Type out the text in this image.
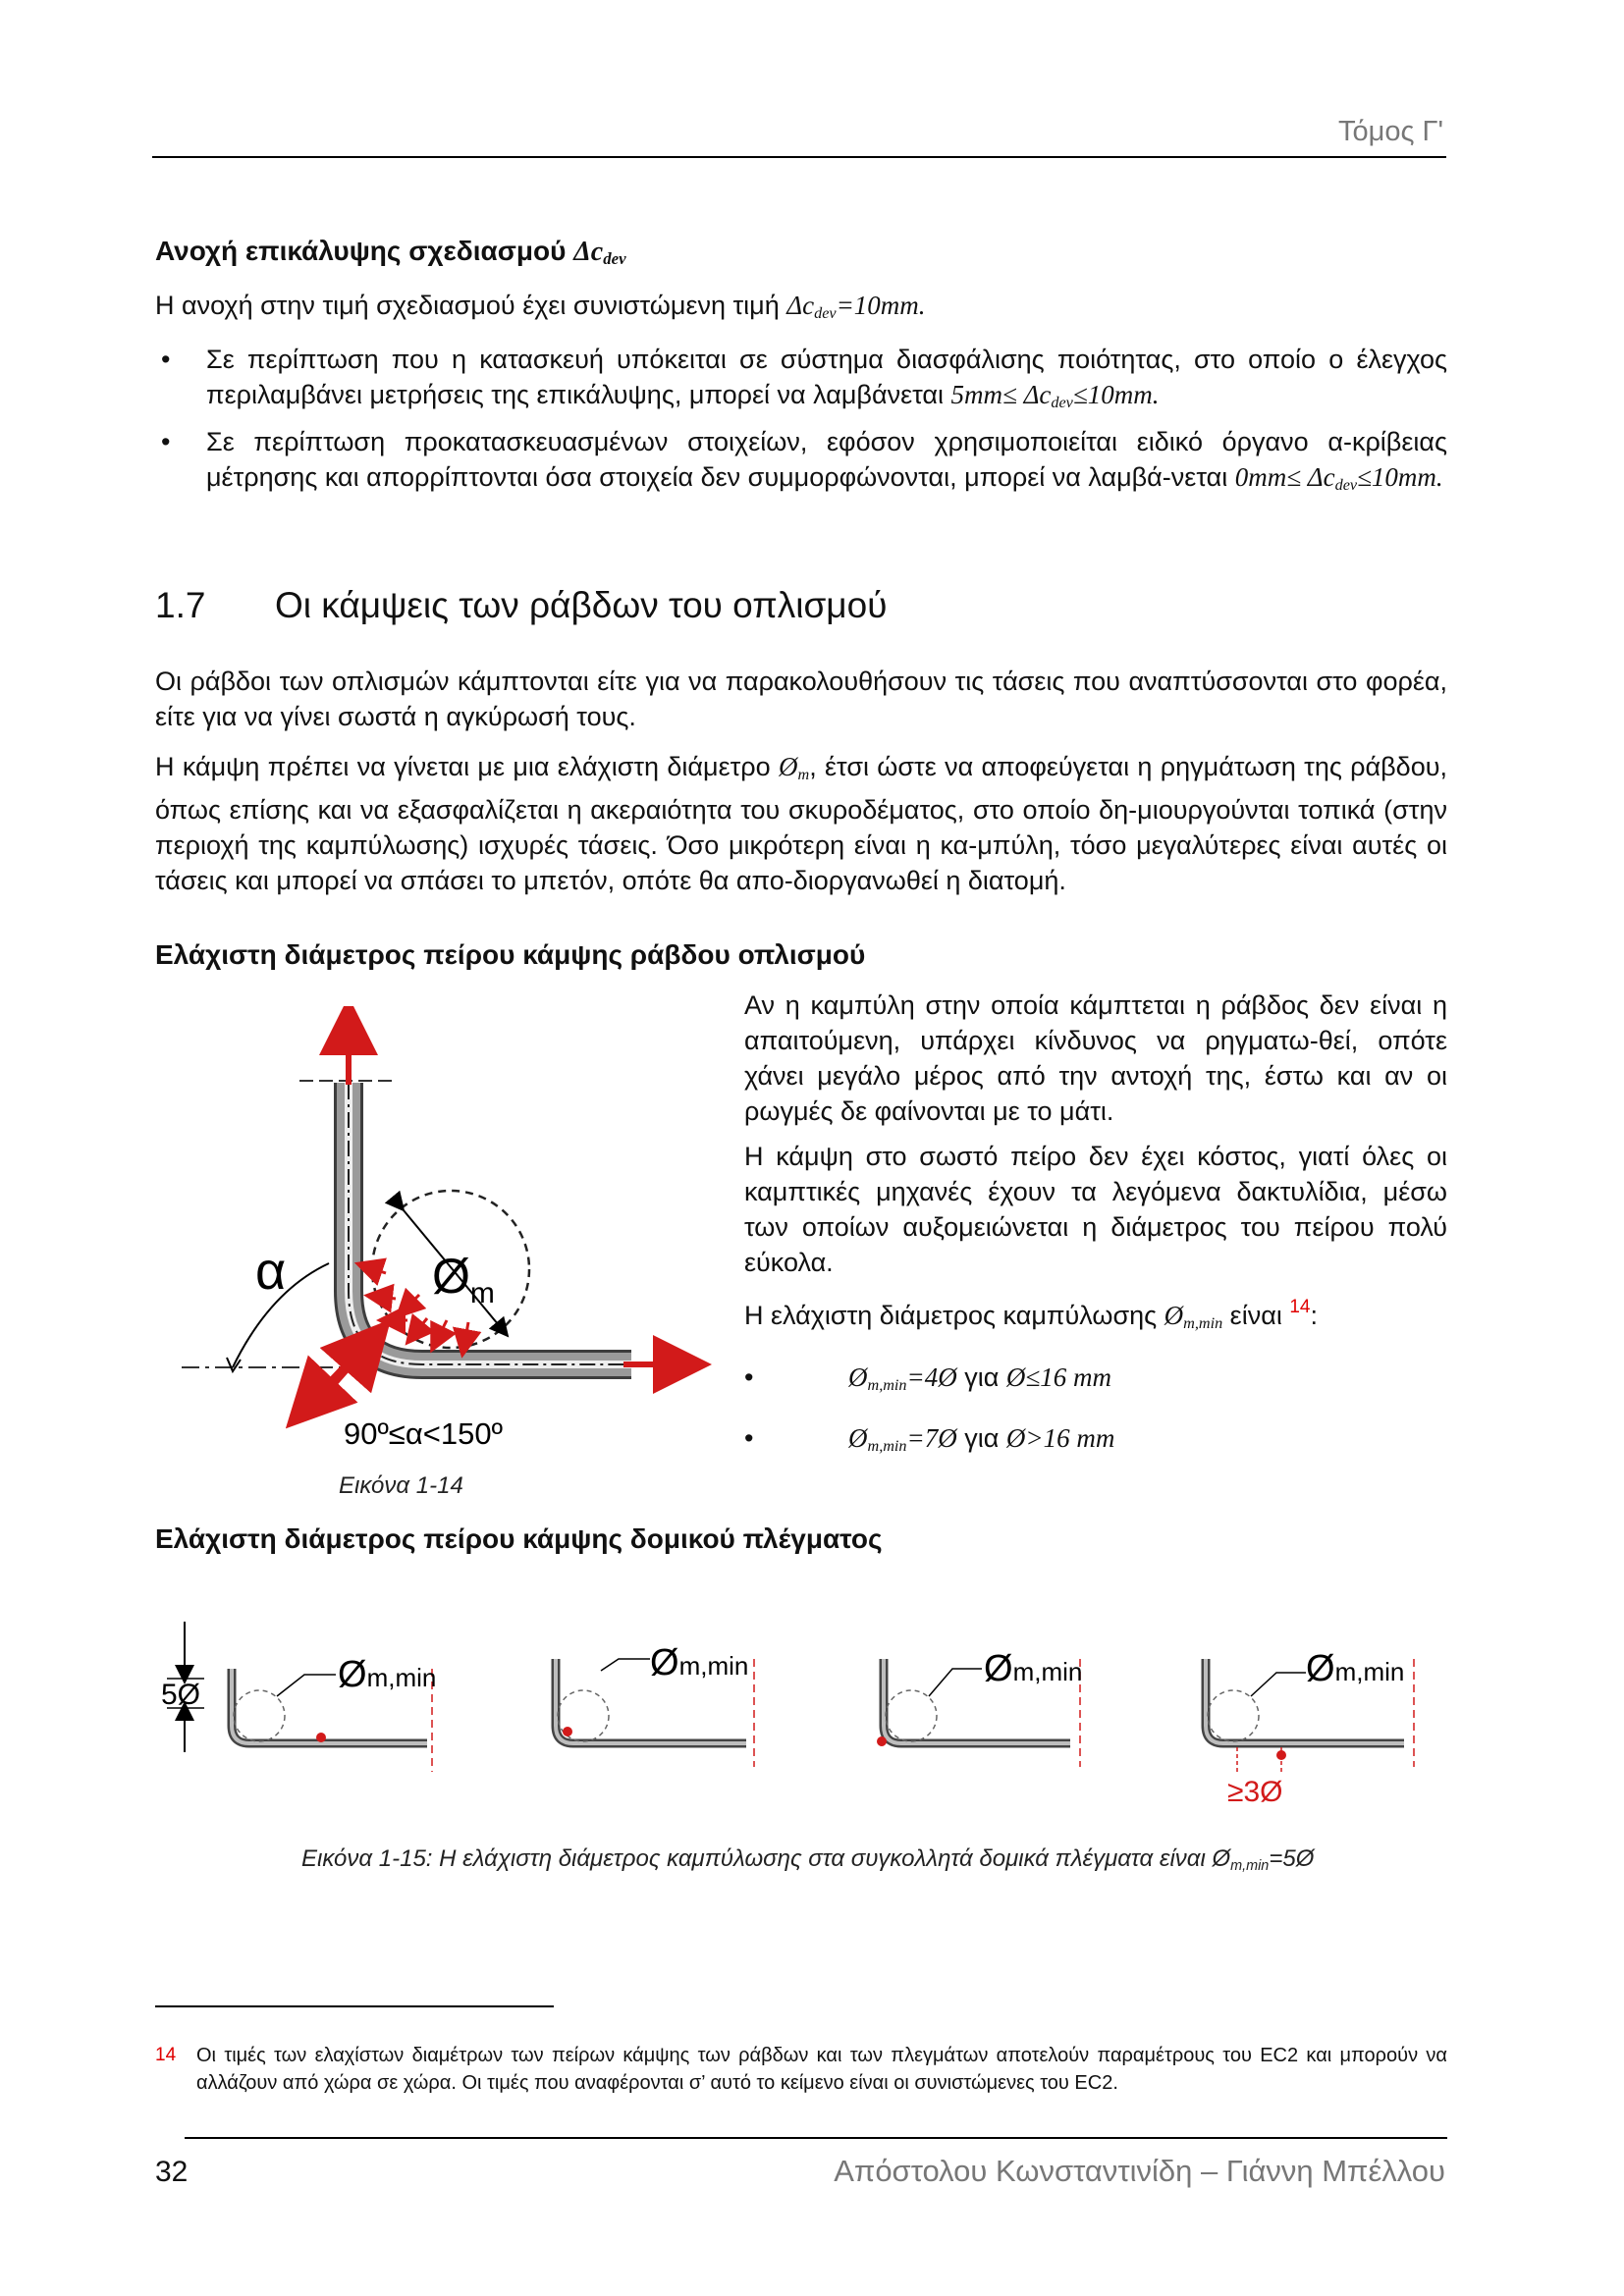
Τόμος Γ'
Ανοχή επικάλυψης σχεδιασμού $\Delta c_{dev}$
Η ανοχή στην τιμή σχεδιασμού έχει συνιστώμενη τιμή $\Delta c_{dev}=10mm$.
• Σε περίπτωση που η κατασκευή υπόκειται σε σύστημα διασφάλισης ποιότητας, στο οποίο ο έλεγχος περιλαμβάνει μετρήσεις της επικάλυψης, μπορεί να λαμβάνεται $5mm\le \Delta c_{dev}\le 10mm$.
• Σε περίπτωση προκατασκευασμένων στοιχείων, εφόσον χρησιμοποιείται ειδικό όργανο α-κρίβειας μέτρησης και απορρίπτονται όσα στοιχεία δεν συμμορφώνονται, μπορεί να λαμβά-νεται $0mm\le \Delta c_{dev}\le 10mm$.
1.7 Οι κάμψεις των ράβδων του οπλισμού
Οι ράβδοι των οπλισμών κάμπτονται είτε για να παρακολουθήσουν τις τάσεις που αναπτύσσονται στο φορέα, είτε για να γίνει σωστά η αγκύρωσή τους.
Η κάμψη πρέπει να γίνεται με μια ελάχιστη διάμετρο $Ø_m$, έτσι ώστε να αποφεύγεται η ρηγμάτωση της ράβδου, όπως επίσης και να εξασφαλίζεται η ακεραιότητα του σκυροδέματος, στο οποίο δη-μιουργούνται τοπικά (στην περιοχή της καμπύλωσης) ισχυρές τάσεις. Όσο μικρότερη είναι η κα-μπύλη, τόσο μεγαλύτερες είναι αυτές οι τάσεις και μπορεί να σπάσει το μπετόν, οπότε θα απο-διοργανωθεί η διατομή.
Ελάχιστη διάμετρος πείρου κάμψης ράβδου οπλισμού
$Ø_m$
α
90º≤α<150º
Εικόνα 1-14
Αν η καμπύλη στην οποία κάμπτεται η ράβδος δεν είναι η απαιτούμενη, υπάρχει κίνδυνος να ρηγματω-θεί, οπότε χάνει μεγάλο μέρος από την αντοχή της, έστω και αν οι ρωγμές δε φαίνονται με το μάτι.
Η κάμψη στο σωστό πείρο δεν έχει κόστος, γιατί όλες οι καμπτικές μηχανές έχουν τα λεγόμενα δακτυλίδια, μέσω των οποίων αυξομειώνεται η διάμετρος του πείρου πολύ εύκολα.
Η ελάχιστη διάμετρος καμπύλωσης $Ø_{m,min}$ είναι $^{14}$:
•	$Ø_{m,min}=4Ø$ για Ø≤16 mm
•	$Ø_{m,min}=7Ø$ για Ø>16 mm
Ελάχιστη διάμετρος πείρου κάμψης δομικού πλέγματος
5Ø	Øm,min	Øm,min	Øm,min	Øm,min
≥3Ø
Εικόνα 1-15: Η ελάχιστη διάμετρος καμπύλωσης στα συγκολλητά δομικά πλέγματα είναι $Ø_{m,min}=5Ø$
14 Οι τιμές των ελαχίστων διαμέτρων των πείρων κάμψης των ράβδων και των πλεγμάτων αποτελούν παραμέτρους του EC2 και μπορούν να αλλάζουν από χώρα σε χώρα. Οι τιμές που αναφέρονται σ’ αυτό το κείμενο είναι οι συνιστώμενες του EC2.
32	Απόστολου Κωνσταντινίδη – Γιάννη Μπέλλου
